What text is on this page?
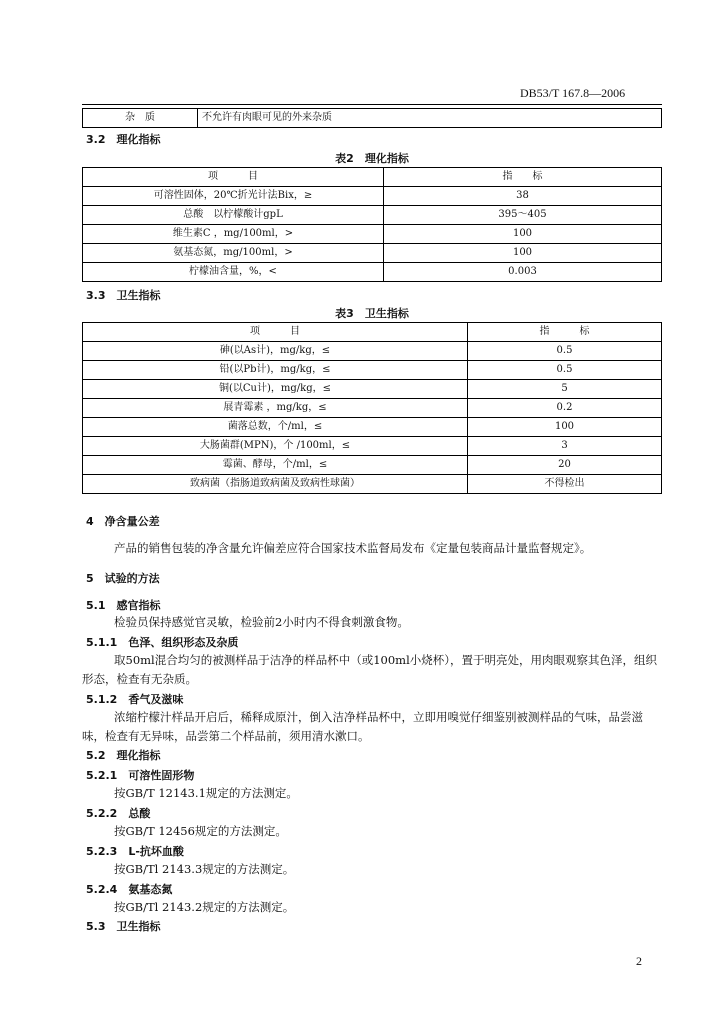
DB53/T 167.8—2006
杂　质	不允许有肉眼可见的外来杂质
3.2　理化指标
表2　理化指标
项　　　目	指　　标
可溶性固体，20℃折光计法Bix，≥	38
总酸　以柠檬酸计gpL	395～405
维生素C ，mg/100ml，>	100
氨基态氮，mg/100ml，>	100
柠檬油含量，%，<	0.003
3.3　卫生指标
表3　卫生指标
项　　　目	指　　　标
砷(以As计)，mg/kg，≤	0.5
铅(以Pb计)，mg/kg，≤	0.5
铜(以Cu计)，mg/kg，≤	5
展青霉素 ，mg/kg，≤	0.2
菌落总数，个/ml，≤	100
大肠菌群(MPN)，个 /100ml，≤	3
霉菌、酵母，个/ml，≤	20
致病菌（指肠道致病菌及致病性球菌）	不得检出
4　净含量公差
产品的销售包装的净含量允许偏差应符合国家技术监督局发布《定量包装商品计量监督规定》。
5　试验的方法
5.1　感官指标
检验员保持感觉官灵敏，检验前2小时内不得食刺激食物。
5.1.1　色泽、组织形态及杂质
取50ml混合均匀的被测样品于洁净的样品杯中（或100ml小烧杯），置于明亮处，用肉眼观察其色泽，组织形态，检查有无杂质。
5.1.2　香气及滋味
浓缩柠檬汁样品开启后，稀释成原汁，倒入洁净样品杯中，立即用嗅觉仔细鉴别被测样品的气味，品尝滋味，检查有无异味，品尝第二个样品前，须用清水漱口。
5.2　理化指标
5.2.1　可溶性固形物
按GB/T 12143.1规定的方法测定。
5.2.2　总酸
按GB/T 12456规定的方法测定。
5.2.3　L-抗坏血酸
按GB/Tl 2143.3规定的方法测定。
5.2.4　氨基态氮
按GB/Tl 2143.2规定的方法测定。
5.3　卫生指标
2
